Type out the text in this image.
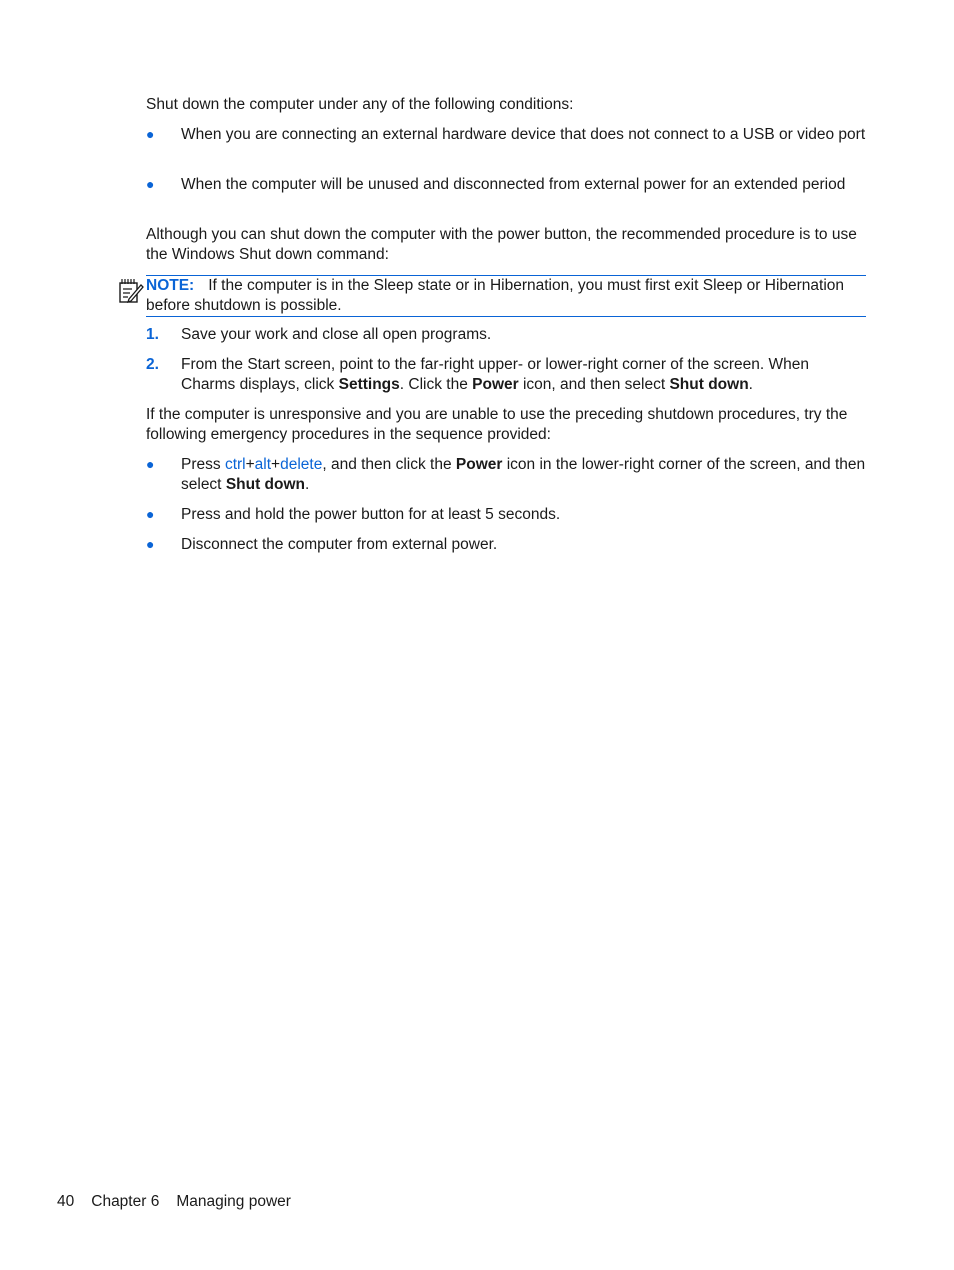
Shut down the computer under any of the following conditions:
●	When you are connecting an external hardware device that does not connect to a USB or video port
●	When the computer will be unused and disconnected from external power for an extended period
Although you can shut down the computer with the power button, the recommended procedure is to use the Windows Shut down command:
NOTE: If the computer is in the Sleep state or in Hibernation, you must first exit Sleep or Hibernation before shutdown is possible.
1.	Save your work and close all open programs.
2.	From the Start screen, point to the far-right upper- or lower-right corner of the screen. When Charms displays, click Settings. Click the Power icon, and then select Shut down.
If the computer is unresponsive and you are unable to use the preceding shutdown procedures, try the following emergency procedures in the sequence provided:
●	Press ctrl+alt+delete, and then click the Power icon in the lower-right corner of the screen, and then select Shut down.
●	Press and hold the power button for at least 5 seconds.
●	Disconnect the computer from external power.
40 Chapter 6 Managing power
